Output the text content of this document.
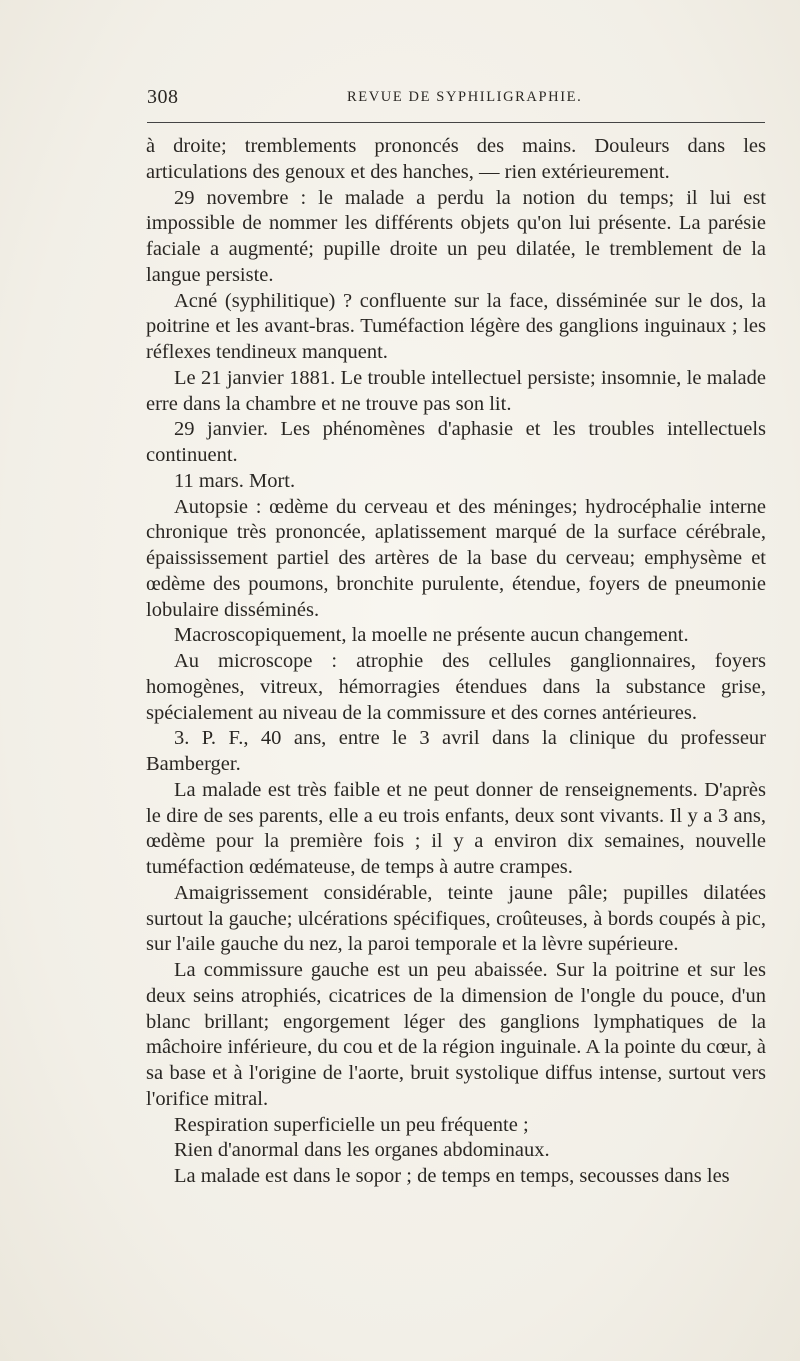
308	REVUE DE SYPHILIGRAPHIE.

à droite; tremblements prononcés des mains. Douleurs dans les articulations des genoux et des hanches, — rien extérieurement.

29 novembre : le malade a perdu la notion du temps; il lui est impossible de nommer les différents objets qu'on lui présente. La parésie faciale a augmenté; pupille droite un peu dilatée, le tremblement de la langue persiste.

Acné (syphilitique) ? confluente sur la face, disséminée sur le dos, la poitrine et les avant-bras. Tuméfaction légère des ganglions inguinaux ; les réflexes tendineux manquent.

Le 21 janvier 1881. Le trouble intellectuel persiste; insomnie, le malade erre dans la chambre et ne trouve pas son lit.

29 janvier. Les phénomènes d'aphasie et les troubles intellectuels continuent.

11 mars. Mort.

Autopsie : œdème du cerveau et des méninges; hydrocéphalie interne chronique très prononcée, aplatissement marqué de la surface cérébrale, épaississement partiel des artères de la base du cerveau; emphysème et œdème des poumons, bronchite purulente, étendue, foyers de pneumonie lobulaire disséminés.

Macroscopiquement, la moelle ne présente aucun changement.

Au microscope : atrophie des cellules ganglionnaires, foyers homogènes, vitreux, hémorragies étendues dans la substance grise, spécialement au niveau de la commissure et des cornes antérieures.

3. P. F., 40 ans, entre le 3 avril dans la clinique du professeur Bamberger.

La malade est très faible et ne peut donner de renseignements. D'après le dire de ses parents, elle a eu trois enfants, deux sont vivants. Il y a 3 ans, œdème pour la première fois ; il y a environ dix semaines, nouvelle tuméfaction œdémateuse, de temps à autre crampes.

Amaigrissement considérable, teinte jaune pâle; pupilles dilatées surtout la gauche; ulcérations spécifiques, croûteuses, à bords coupés à pic, sur l'aile gauche du nez, la paroi temporale et la lèvre supérieure.

La commissure gauche est un peu abaissée. Sur la poitrine et sur les deux seins atrophiés, cicatrices de la dimension de l'ongle du pouce, d'un blanc brillant; engorgement léger des ganglions lymphatiques de la mâchoire inférieure, du cou et de la région inguinale. A la pointe du cœur, à sa base et à l'origine de l'aorte, bruit systolique diffus intense, surtout vers l'orifice mitral.

Respiration superficielle un peu fréquente ;

Rien d'anormal dans les organes abdominaux.

La malade est dans le sopor ; de temps en temps, secousses dans les
